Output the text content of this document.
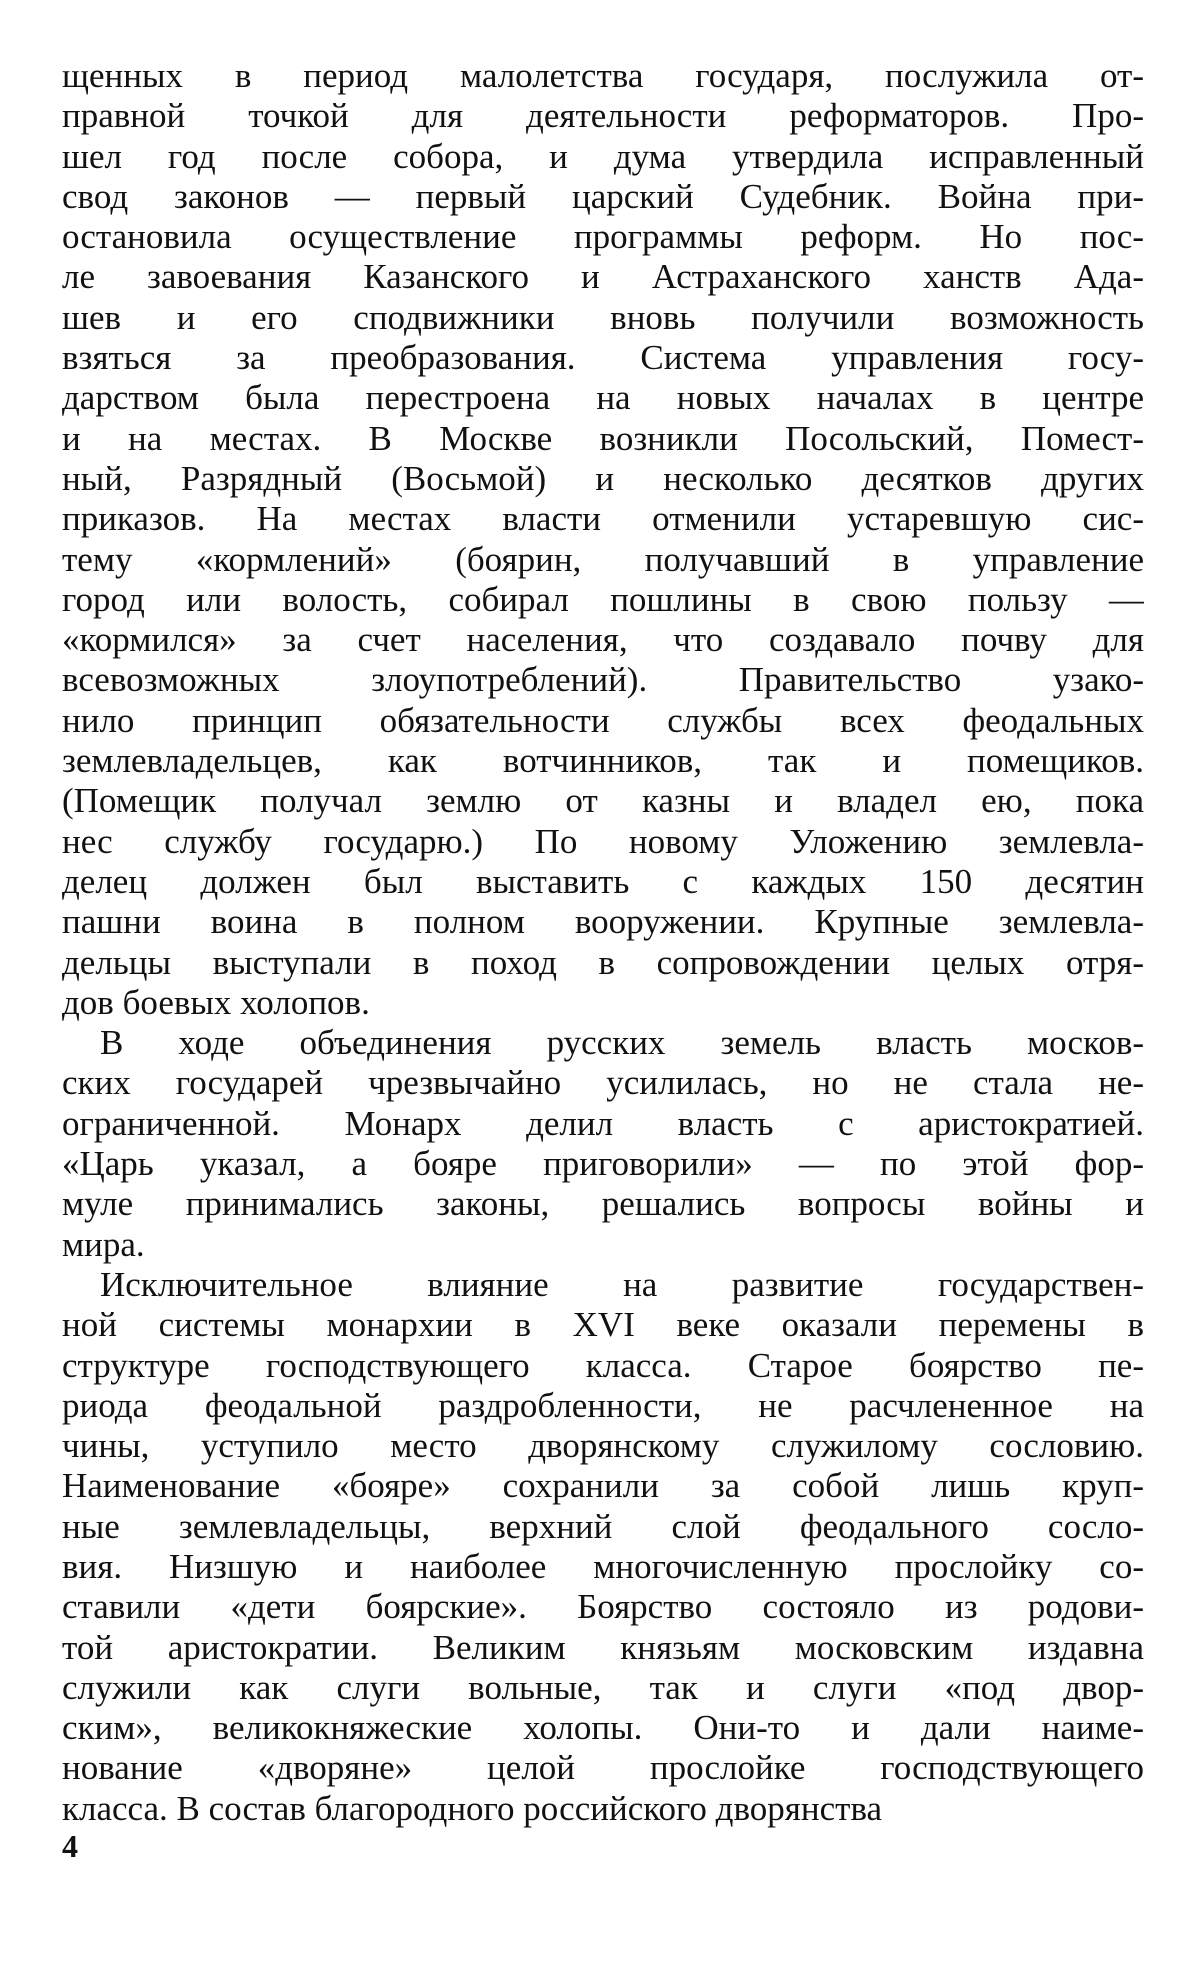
щенных в период малолетства государя, послужила от-
правной точкой для деятельности реформаторов. Про-
шел год после собора, и дума утвердила исправленный
свод законов — первый царский Судебник. Война при-
остановила осуществление программы реформ. Но пос-
ле завоевания Казанского и Астраханского ханств Ада-
шев и его сподвижники вновь получили возможность
взяться за преобразования. Система управления госу-
дарством была перестроена на новых началах в центре
и на местах. В Москве возникли Посольский, Помест-
ный, Разрядный (Восьмой) и несколько десятков других
приказов. На местах власти отменили устаревшую сис-
тему «кормлений» (боярин, получавший в управление
город или волость, собирал пошлины в свою пользу —
«кормился» за счет населения, что создавало почву для
всевозможных злоупотреблений). Правительство узако-
нило принцип обязательности службы всех феодальных
землевладельцев, как вотчинников, так и помещиков.
(Помещик получал землю от казны и владел ею, пока
нес службу государю.) По новому Уложению землевла-
делец должен был выставить с каждых 150 десятин
пашни воина в полном вооружении. Крупные землевла-
дельцы выступали в поход в сопровождении целых отря-
дов боевых холопов.
В ходе объединения русских земель власть москов-
ских государей чрезвычайно усилилась, но не стала не-
ограниченной. Монарх делил власть с аристократией.
«Царь указал, а бояре приговорили» — по этой фор-
муле принимались законы, решались вопросы войны и
мира.
Исключительное влияние на развитие государствен-
ной системы монархии в XVI веке оказали перемены в
структуре господствующего класса. Старое боярство пе-
риода феодальной раздробленности, не расчлененное на
чины, уступило место дворянскому служилому сословию.
Наименование «бояре» сохранили за собой лишь круп-
ные землевладельцы, верхний слой феодального сосло-
вия. Низшую и наиболее многочисленную прослойку со-
ставили «дети боярские». Боярство состояло из родови-
той аристократии. Великим князьям московским издавна
служили как слуги вольные, так и слуги «под двор-
ским», великокняжеские холопы. Они-то и дали наиме-
нование «дворяне» целой прослойке господствующего
класса. В состав благородного российского дворянства
4
